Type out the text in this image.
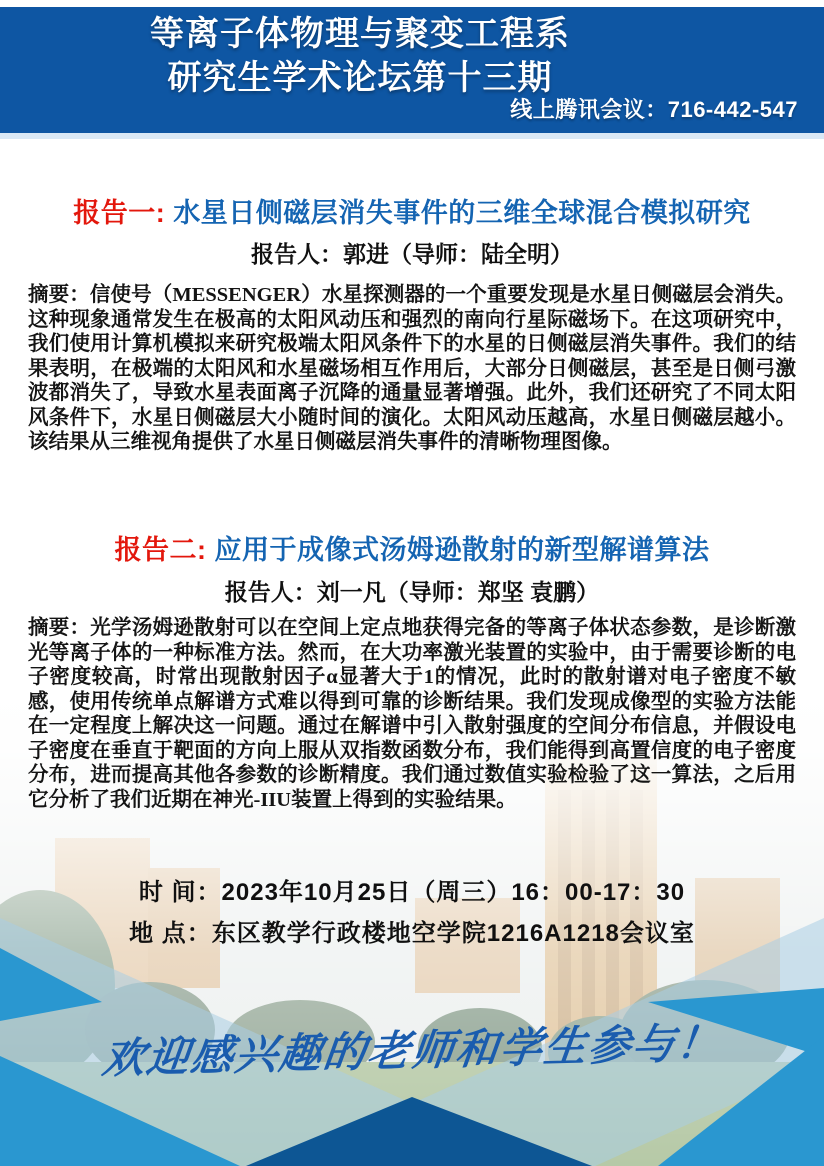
等离子体物理与聚变工程系
研究生学术论坛第十三期
线上腾讯会议：716-442-547
报告一: 水星日侧磁层消失事件的三维全球混合模拟研究
报告人：郭进（导师：陆全明）
摘要：信使号（MESSENGER）水星探测器的一个重要发现是水星日侧磁层会消失。这种现象通常发生在极高的太阳风动压和强烈的南向行星际磁场下。在这项研究中，我们使用计算机模拟来研究极端太阳风条件下的水星的日侧磁层消失事件。我们的结果表明，在极端的太阳风和水星磁场相互作用后，大部分日侧磁层，甚至是日侧弓激波都消失了，导致水星表面离子沉降的通量显著增强。此外，我们还研究了不同太阳风条件下，水星日侧磁层大小随时间的演化。太阳风动压越高，水星日侧磁层越小。该结果从三维视角提供了水星日侧磁层消失事件的清晰物理图像。
报告二: 应用于成像式汤姆逊散射的新型解谱算法
报告人：刘一凡（导师：郑坚 袁鹏）
摘要：光学汤姆逊散射可以在空间上定点地获得完备的等离子体状态参数，是诊断激光等离子体的一种标准方法。然而，在大功率激光装置的实验中，由于需要诊断的电子密度较高，时常出现散射因子α显著大于1的情况，此时的散射谱对电子密度不敏感，使用传统单点解谱方式难以得到可靠的诊断结果。我们发现成像型的实验方法能在一定程度上解决这一问题。通过在解谱中引入散射强度的空间分布信息，并假设电子密度在垂直于靶面的方向上服从双指数函数分布，我们能得到高置信度的电子密度分布，进而提高其他各参数的诊断精度。我们通过数值实验检验了这一算法，之后用它分析了我们近期在神光-IIU装置上得到的实验结果。
时 间：2023年10月25日（周三）16：00-17：30
地 点：东区教学行政楼地空学院1216A1218会议室
欢迎感兴趣的老师和学生参与！
